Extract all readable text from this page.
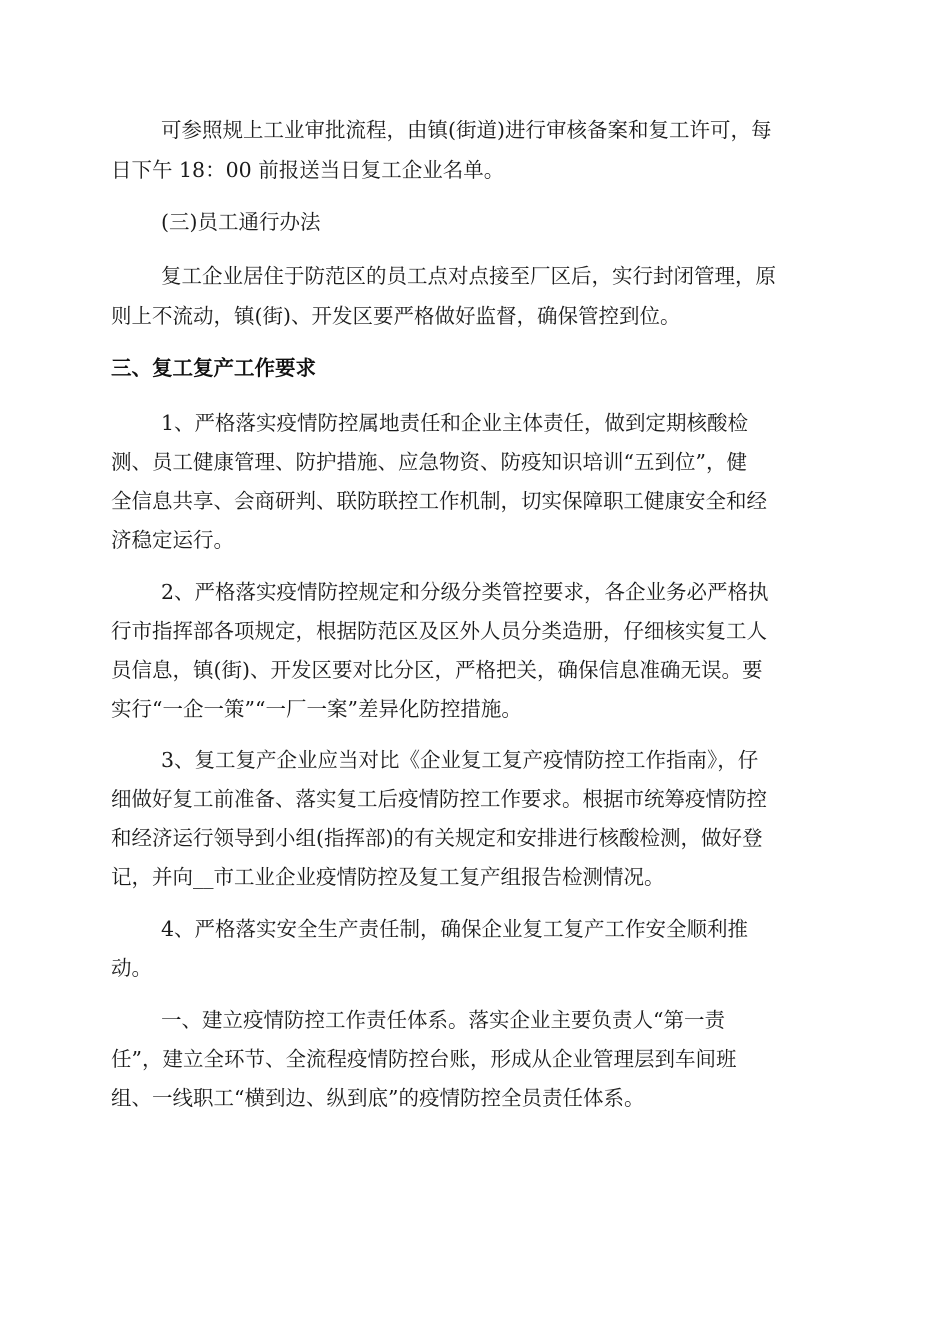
可参照规上工业审批流程，由镇(街道)进行审核备案和复工许可，每

日下午 18：00 前报送当日复工企业名单。

(三)员工通行办法

复工企业居住于防范区的员工点对点接至厂区后，实行封闭管理，原

则上不流动，镇(街)、开发区要严格做好监督，确保管控到位。

三、复工复产工作要求

1、严格落实疫情防控属地责任和企业主体责任，做到定期核酸检

测、员工健康管理、防护措施、应急物资、防疫知识培训“五到位”，健

全信息共享、会商研判、联防联控工作机制，切实保障职工健康安全和经

济稳定运行。

2、严格落实疫情防控规定和分级分类管控要求，各企业务必严格执

行市指挥部各项规定，根据防范区及区外人员分类造册，仔细核实复工人

员信息，镇(街)、开发区要对比分区，严格把关，确保信息准确无误。要

实行“一企一策”“一厂一案”差异化防控措施。

3、复工复产企业应当对比《企业复工复产疫情防控工作指南》，仔

细做好复工前准备、落实复工后疫情防控工作要求。根据市统筹疫情防控

和经济运行领导到小组(指挥部)的有关规定和安排进行核酸检测，做好登

记，并向__市工业企业疫情防控及复工复产组报告检测情况。

4、严格落实安全生产责任制，确保企业复工复产工作安全顺利推

动。

一、建立疫情防控工作责任体系。落实企业主要负责人“第一责

任”，建立全环节、全流程疫情防控台账，形成从企业管理层到车间班

组、一线职工“横到边、纵到底”的疫情防控全员责任体系。
